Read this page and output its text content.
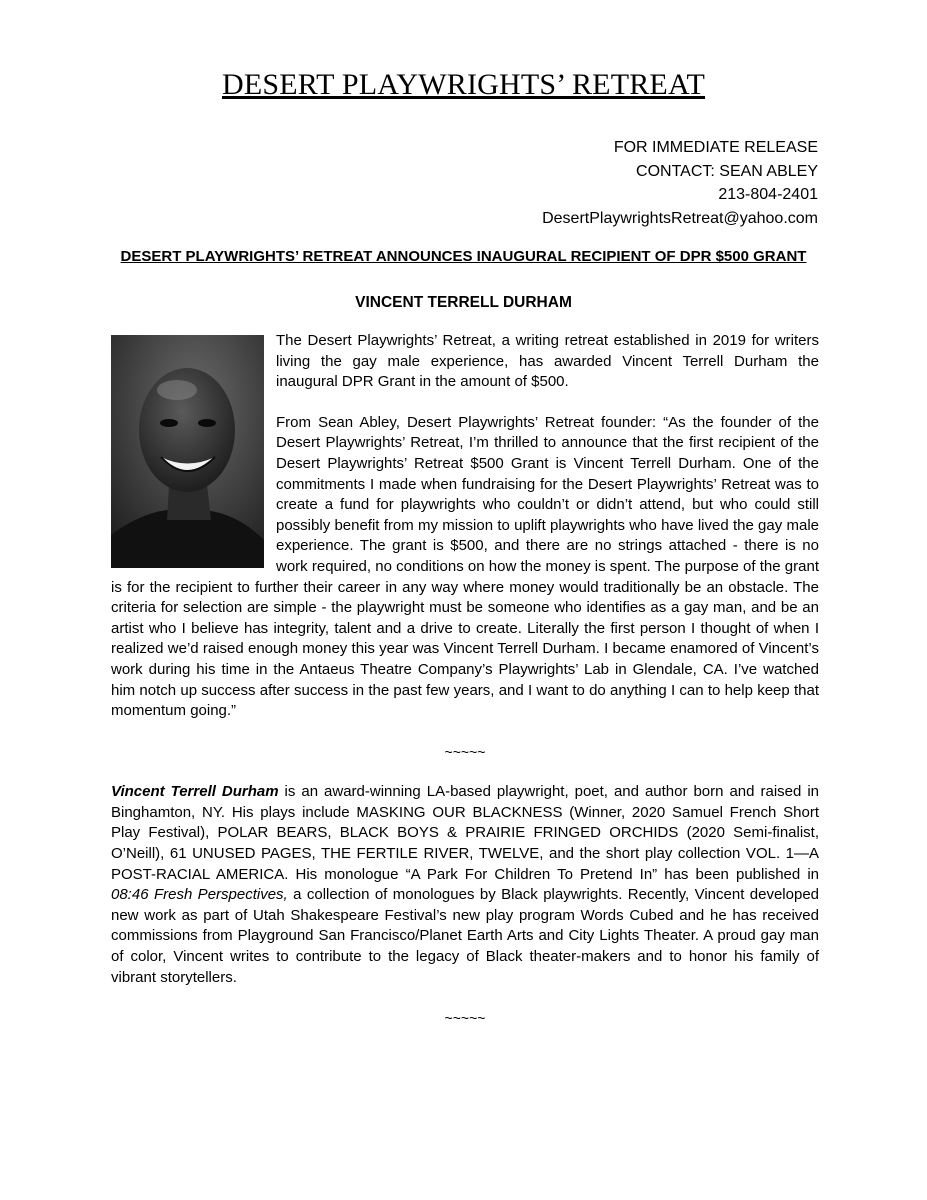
DESERT PLAYWRIGHTS’ RETREAT
FOR IMMEDIATE RELEASE
CONTACT: SEAN ABLEY
213-804-2401
DesertPlaywrightsRetreat@yahoo.com
DESERT PLAYWRIGHTS’ RETREAT ANNOUNCES INAUGURAL RECIPIENT OF DPR $500 GRANT
VINCENT TERRELL DURHAM

The Desert Playwrights’ Retreat, a writing retreat established in 2019 for writers living the gay male experience, has awarded Vincent Terrell Durham the inaugural DPR Grant in the amount of $500.

From Sean Abley, Desert Playwrights’ Retreat founder: “As the founder of the Desert Playwrights’ Retreat, I’m thrilled to announce that the first recipient of the Desert Playwrights’ Retreat $500 Grant is Vincent Terrell Durham. One of the commitments I made when fundraising for the Desert Playwrights’ Retreat was to create a fund for playwrights who couldn’t or didn’t attend, but who could still possibly benefit from my mission to uplift playwrights who have lived the gay male experience. The grant is $500, and there are no strings attached - there is no work required, no conditions on how the money is spent. The purpose of the grant is for the recipient to further their career in any way where money would traditionally be an obstacle. The criteria for selection are simple - the playwright must be someone who identifies as a gay man, and be an artist who I believe has integrity, talent and a drive to create. Literally the first person I thought of when I realized we’d raised enough money this year was Vincent Terrell Durham. I became enamored of Vincent’s work during his time in the Antaeus Theatre Company’s Playwrights’ Lab in Glendale, CA. I’ve watched him notch up success after success in the past few years, and I want to do anything I can to help keep that momentum going.”

~~~~~

Vincent Terrell Durham is an award-winning LA-based playwright, poet, and author born and raised in Binghamton, NY. His plays include MASKING OUR BLACKNESS (Winner, 2020 Samuel French Short Play Festival), POLAR BEARS, BLACK BOYS & PRAIRIE FRINGED ORCHIDS (2020 Semi-finalist, O’Neill), 61 UNUSED PAGES, THE FERTILE RIVER, TWELVE, and the short play collection VOL. 1—A POST-RACIAL AMERICA. His monologue “A Park For Children To Pretend In” has been published in 08:46 Fresh Perspectives, a collection of monologues by Black playwrights. Recently, Vincent developed new work as part of Utah Shakespeare Festival’s new play program Words Cubed and he has received commissions from Playground San Francisco/Planet Earth Arts and City Lights Theater. A proud gay man of color, Vincent writes to contribute to the legacy of Black theater-makers and to honor his family of vibrant storytellers.

~~~~~
